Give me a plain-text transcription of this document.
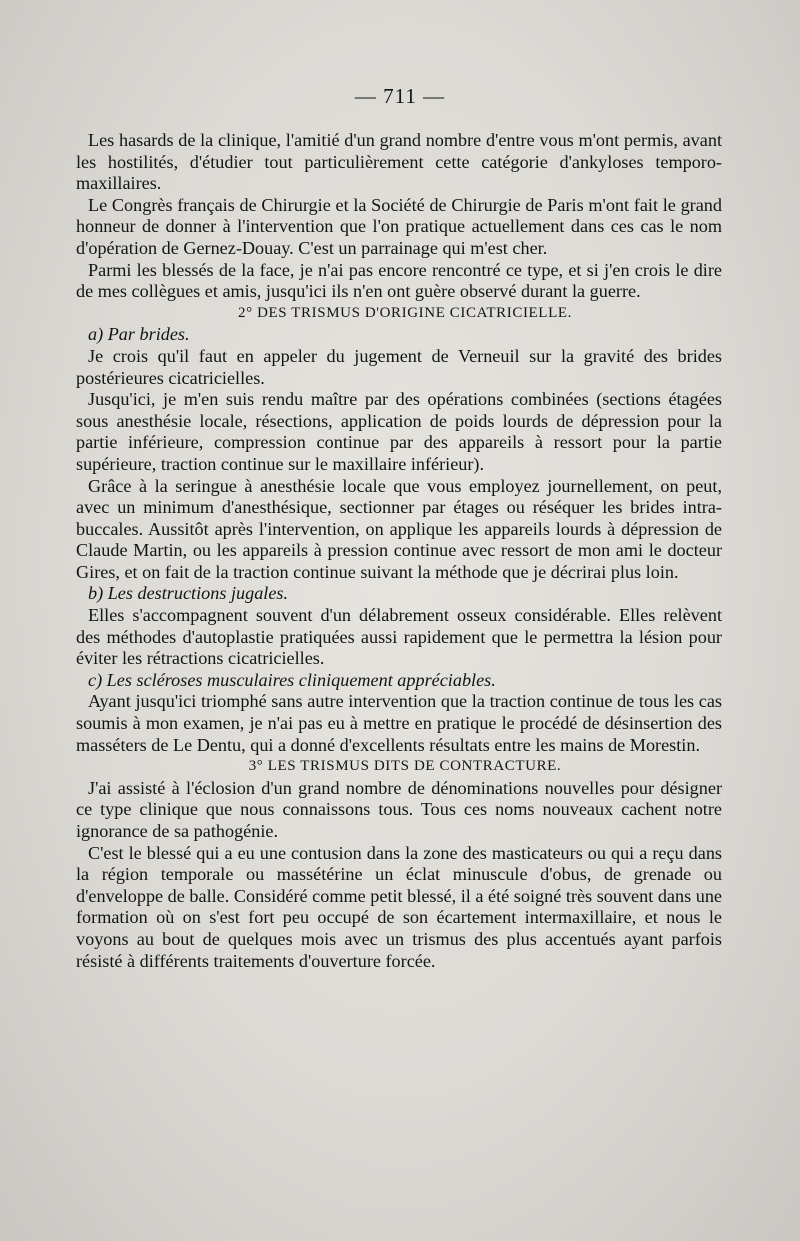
— 711 —

Les hasards de la clinique, l'amitié d'un grand nombre d'entre vous m'ont permis, avant les hostilités, d'étudier tout particulièrement cette catégorie d'ankyloses temporo-maxillaires.

Le Congrès français de Chirurgie et la Société de Chirurgie de Paris m'ont fait le grand honneur de donner à l'intervention que l'on pratique actuellement dans ces cas le nom d'opération de Gernez-Douay. C'est un parrainage qui m'est cher.

Parmi les blessés de la face, je n'ai pas encore rencontré ce type, et si j'en crois le dire de mes collègues et amis, jusqu'ici ils n'en ont guère observé durant la guerre.

2° DES TRISMUS D'ORIGINE CICATRICIELLE.

a) Par brides.

Je crois qu'il faut en appeler du jugement de Verneuil sur la gravité des brides postérieures cicatricielles.

Jusqu'ici, je m'en suis rendu maître par des opérations combinées (sections étagées sous anesthésie locale, résections, application de poids lourds de dépression pour la partie inférieure, compression continue par des appareils à ressort pour la partie supérieure, traction continue sur le maxillaire inférieur).

Grâce à la seringue à anesthésie locale que vous employez journellement, on peut, avec un minimum d'anesthésique, sectionner par étages ou réséquer les brides intra-buccales. Aussitôt après l'intervention, on applique les appareils lourds à dépression de Claude Martin, ou les appareils à pression continue avec ressort de mon ami le docteur Gires, et on fait de la traction continue suivant la méthode que je décrirai plus loin.

b) Les destructions jugales.

Elles s'accompagnent souvent d'un délabrement osseux considérable. Elles relèvent des méthodes d'autoplastie pratiquées aussi rapidement que le permettra la lésion pour éviter les rétractions cicatricielles.

c) Les scléroses musculaires cliniquement appréciables.

Ayant jusqu'ici triomphé sans autre intervention que la traction continue de tous les cas soumis à mon examen, je n'ai pas eu à mettre en pratique le procédé de désinsertion des masséters de Le Dentu, qui a donné d'excellents résultats entre les mains de Morestin.

3° LES TRISMUS DITS DE CONTRACTURE.

J'ai assisté à l'éclosion d'un grand nombre de dénominations nouvelles pour désigner ce type clinique que nous connaissons tous. Tous ces noms nouveaux cachent notre ignorance de sa pathogénie.

C'est le blessé qui a eu une contusion dans la zone des masticateurs ou qui a reçu dans la région temporale ou massétérine un éclat minuscule d'obus, de grenade ou d'enveloppe de balle. Considéré comme petit blessé, il a été soigné très souvent dans une formation où on s'est fort peu occupé de son écartement intermaxillaire, et nous le voyons au bout de quelques mois avec un trismus des plus accentués ayant parfois résisté à différents traitements d'ouverture forcée.
